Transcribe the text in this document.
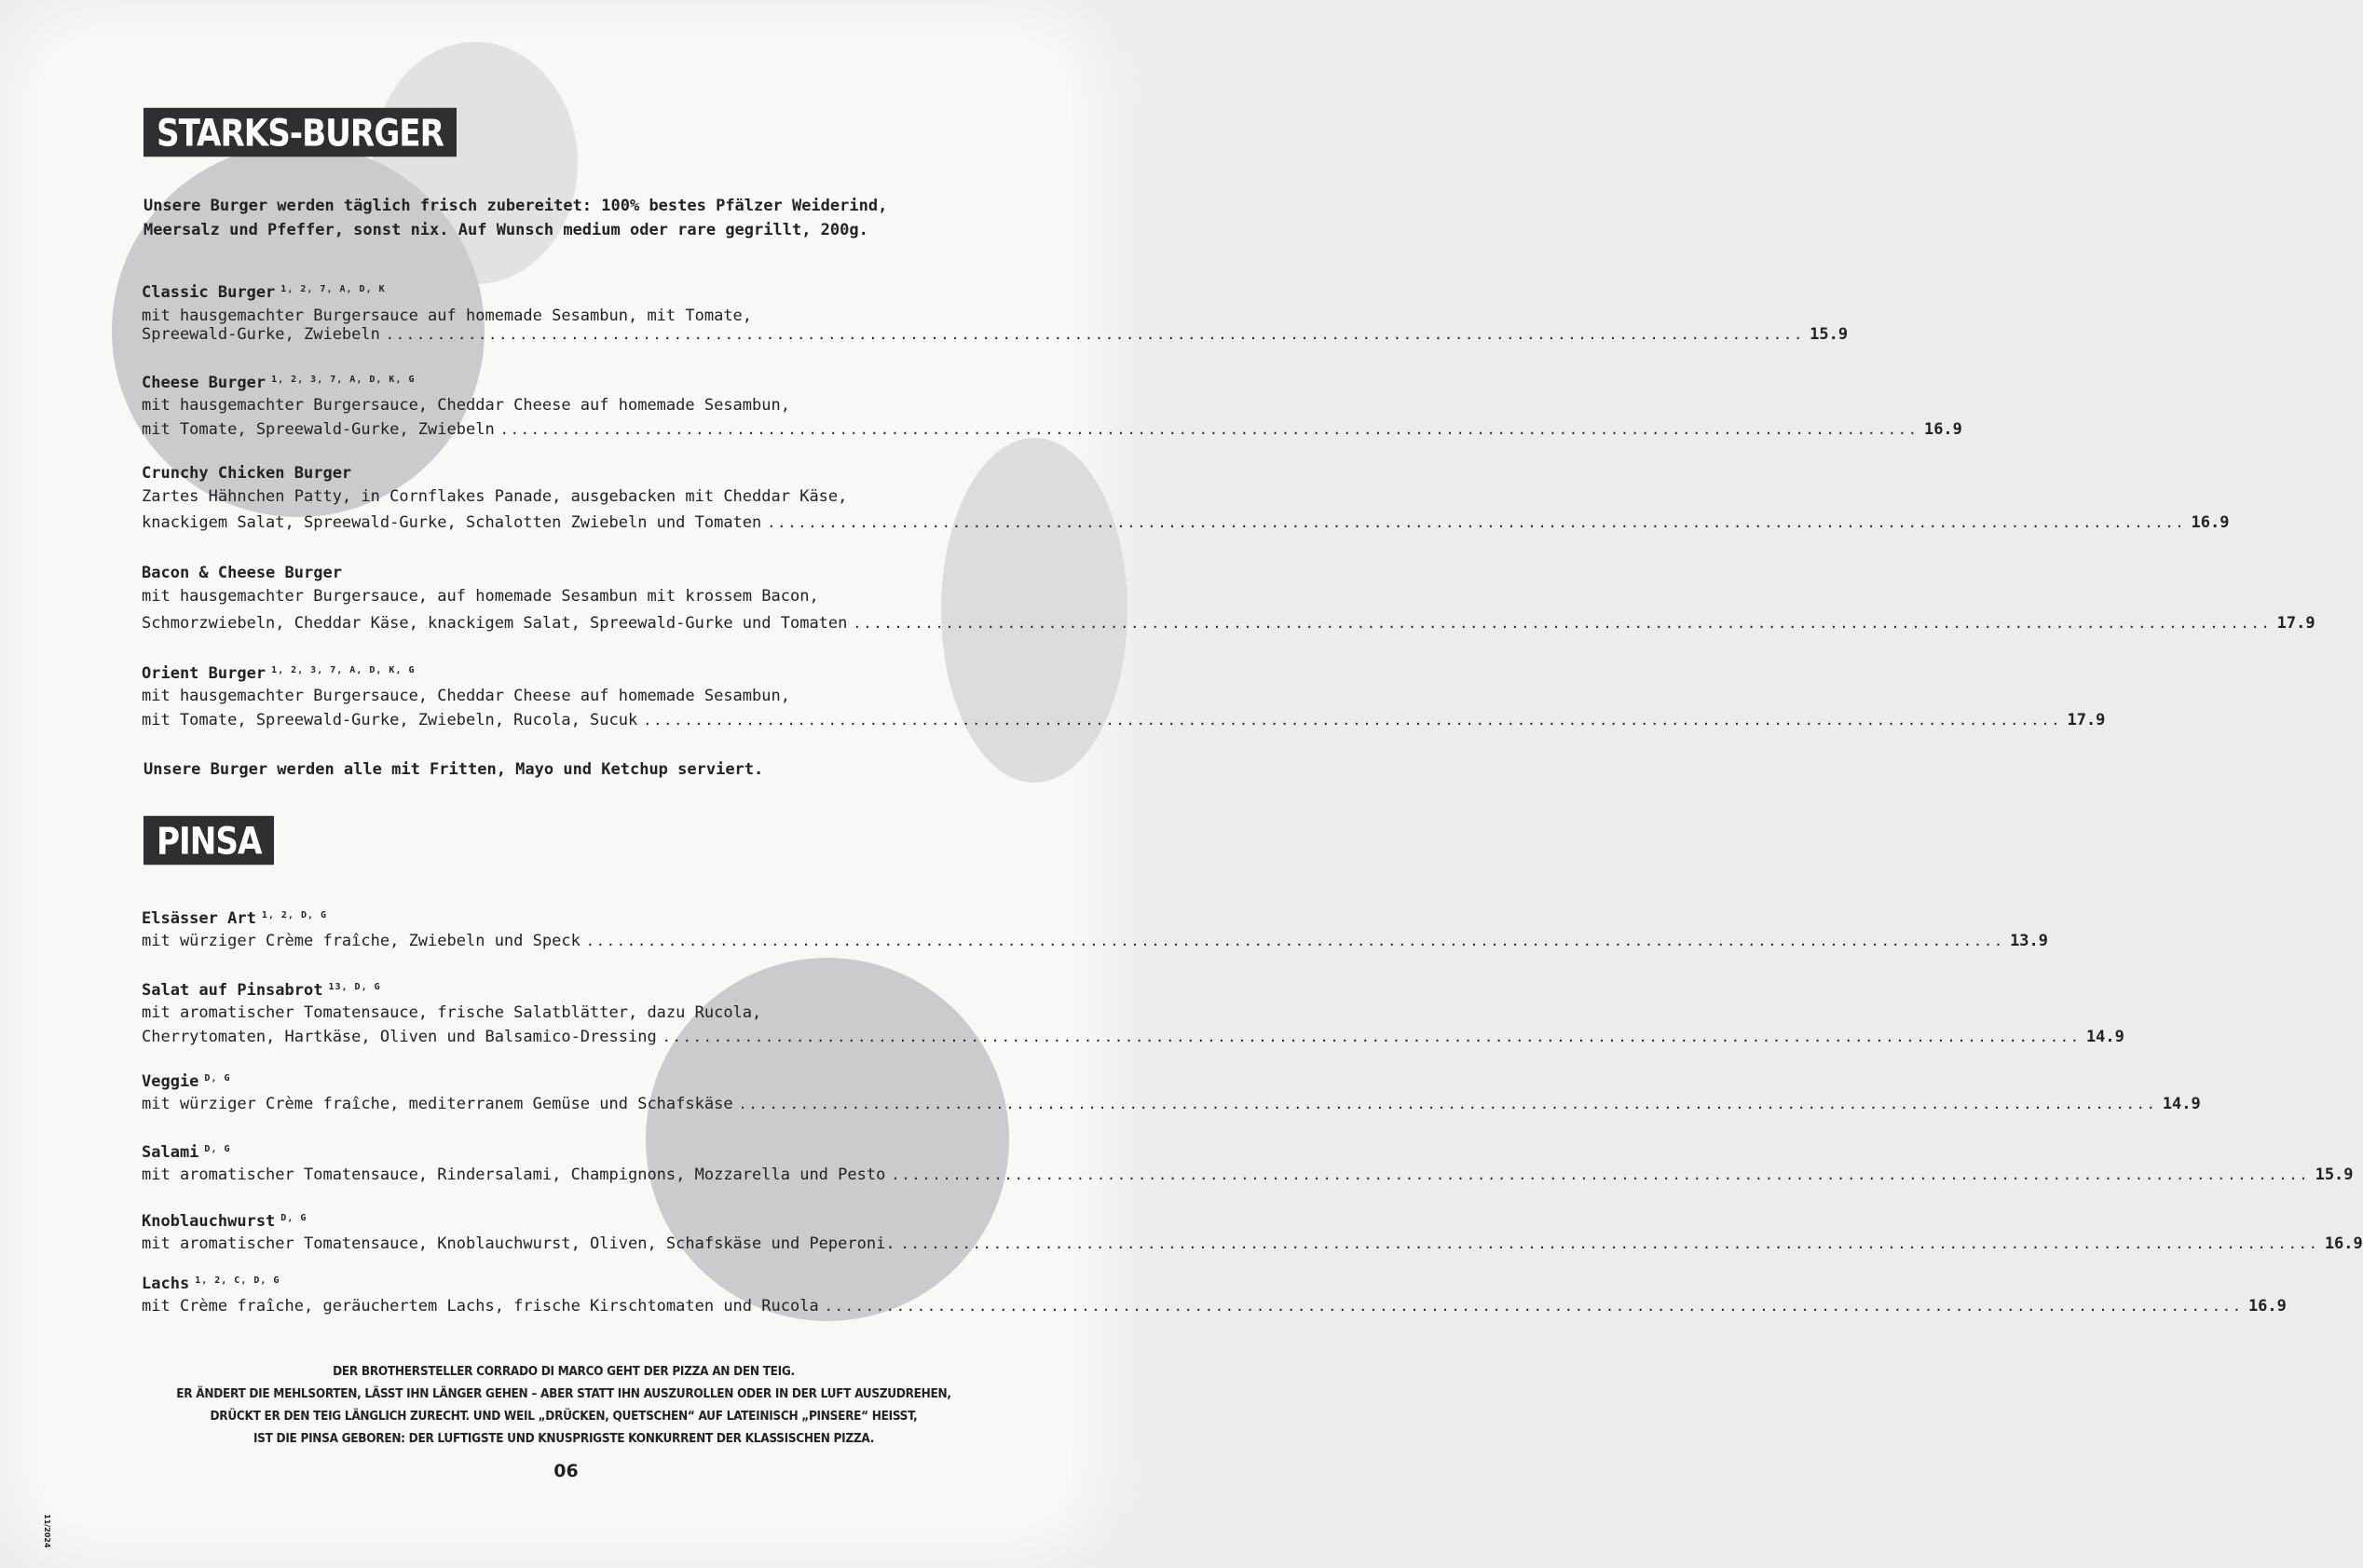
STARKS-BURGER
Unsere Burger werden täglich frisch zubereitet: 100% bestes Pfälzer Weiderind, Meersalz und Pfeffer, sonst nix. Auf Wunsch medium oder rare gegrillt, 200g.
Classic Burger $^{1, 2, 7, A, D, K}$
mit hausgemachter Burgersauce auf homemade Sesambun, mit Tomate,
Spreewald-Gurke, Zwiebeln .......................................................................................................................................... 15.9
Cheese Burger $^{1, 2, 3, 7, A, D, K, G}$
mit hausgemachter Burgersauce, Cheddar Cheese auf homemade Sesambun,
mit Tomate, Spreewald-Gurke, Zwiebeln .......................................................................................................................................... 16.9
Crunchy Chicken Burger
Zartes Hähnchen Patty, in Cornflakes Panade, ausgebacken mit Cheddar Käse,
knackigem Salat, Spreewald-Gurke, Schalotten Zwiebeln und Tomaten .......................................................................................................................................... 16.9
Bacon & Cheese Burger
mit hausgemachter Burgersauce, auf homemade Sesambun mit krossem Bacon,
Schmorzwiebeln, Cheddar Käse, knackigem Salat, Spreewald-Gurke und Tomaten .......................................................................................................................................... 17.9
Orient Burger $^{1, 2, 3, 7, A, D, K, G}$
mit hausgemachter Burgersauce, Cheddar Cheese auf homemade Sesambun,
mit Tomate, Spreewald-Gurke, Zwiebeln, Rucola, Sucuk .......................................................................................................................................... 17.9
Unsere Burger werden alle mit Fritten, Mayo und Ketchup serviert.
PINSA
Elsässer Art $^{1, 2, D, G}$
mit würziger Crème fraîche, Zwiebeln und Speck .......................................................................................................................................... 13.9
Salat auf Pinsabrot $^{13, D, G}$
mit aromatischer Tomatensauce, frische Salatblätter, dazu Rucola,
Cherrytomaten, Hartkäse, Oliven und Balsamico-Dressing .......................................................................................................................................... 14.9
Veggie $^{D, G}$
mit würziger Crème fraîche, mediterranem Gemüse und Schafskäse .......................................................................................................................................... 14.9
Salami $^{D, G}$
mit aromatischer Tomatensauce, Rindersalami, Champignons, Mozzarella und Pesto .......................................................................................................................................... 15.9
Knoblauchwurst $^{D, G}$
mit aromatischer Tomatensauce, Knoblauchwurst, Oliven, Schafskäse und Peperoni. .......................................................................................................................................... 16.9
Lachs $^{1, 2, C, D, G}$
mit Crème fraîche, geräuchertem Lachs, frische Kirschtomaten und Rucola .......................................................................................................................................... 16.9
DER BROTHERSTELLER CORRADO DI MARCO GEHT DER PIZZA AN DEN TEIG.
ER ÄNDERT DIE MEHLSORTEN, LÄSST IHN LÄNGER GEHEN – ABER STATT IHN AUSZUROLLEN ODER IN DER LUFT AUSZUDREHEN,
DRÜCKT ER DEN TEIG LÄNGLICH ZURECHT. UND WEIL „DRÜCKEN, QUETSCHEN“ AUF LATEINISCH „PINSERE“ HEISST,
IST DIE PINSA GEBOREN: DER LUFTIGSTE UND KNUSPRIGSTE KONKURRENT DER KLASSISCHEN PIZZA.
06
11/2024
